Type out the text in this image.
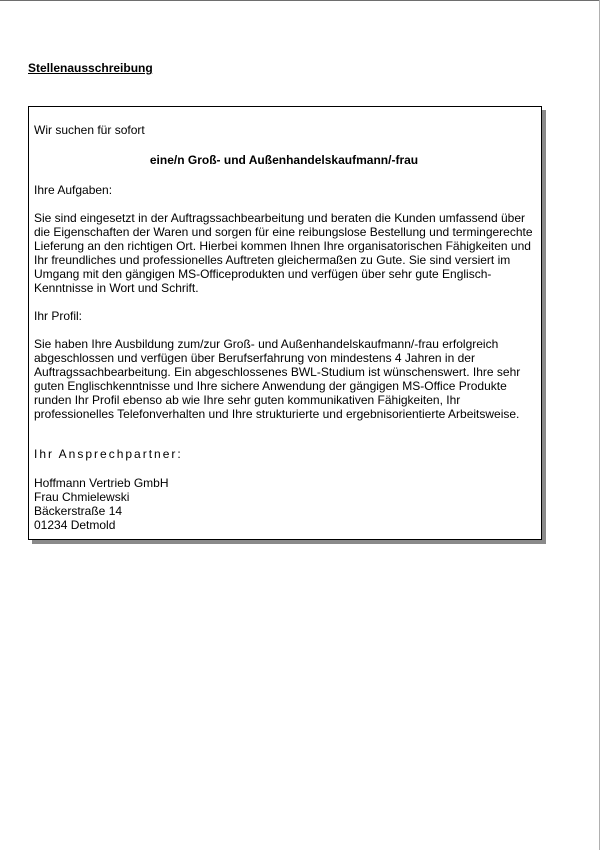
Stellenausschreibung

Wir suchen für sofort

eine/n Groß- und Außenhandelskaufmann/-frau

Ihre Aufgaben:

Sie sind eingesetzt in der Auftragssachbearbeitung und beraten die Kunden umfassend über die Eigenschaften der Waren und sorgen für eine reibungslose Bestellung und termingerechte Lieferung an den richtigen Ort. Hierbei kommen Ihnen Ihre organisatorischen Fähigkeiten und Ihr freundliches und professionelles Auftreten gleichermaßen zu Gute. Sie sind versiert im Umgang mit den gängigen MS-Officeprodukten und verfügen über sehr gute Englisch-Kenntnisse in Wort und Schrift.

Ihr Profil:

Sie haben Ihre Ausbildung zum/zur Groß- und Außenhandelskaufmann/-frau erfolgreich abgeschlossen und verfügen über Berufserfahrung von mindestens 4 Jahren in der Auftragssachbearbeitung. Ein abgeschlossenes BWL-Studium ist wünschenswert. Ihre sehr guten Englischkenntnisse und Ihre sichere Anwendung der gängigen MS-Office Produkte runden Ihr Profil ebenso ab wie Ihre sehr guten kommunikativen Fähigkeiten, Ihr professionelles Telefonverhalten und Ihre strukturierte und ergebnisorientierte Arbeitsweise.

Ihr Ansprechpartner:

Hoffmann Vertrieb GmbH

Frau Chmielewski

Bäckerstraße 14

01234 Detmold
